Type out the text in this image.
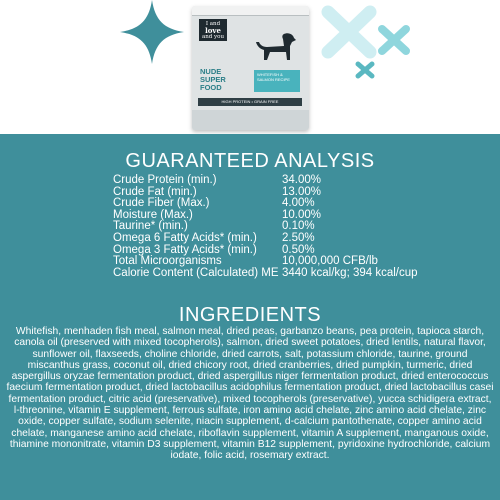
I and
love
and you
NUDE
SUPER
FOOD
WHITEFISH & SALMON RECIPE
HIGH PROTEIN • GRAIN FREE
GUARANTEED ANALYSIS
Crude Protein (min.)	34.00%
Crude Fat (min.)	13.00%
Crude Fiber (Max.)	4.00%
Moisture (Max.)	10.00%
Taurine* (min.)	0.10%
Omega 6 Fatty Acids* (min.)	2.50%
Omega 3 Fatty Acids* (min.)	0.50%
Total Microorganisms	10,000,000 CFB/lb
Calorie Content (Calculated) ME 3440 kcal/kg; 394 kcal/cup
INGREDIENTS

Whitefish, menhaden fish meal, salmon meal, dried peas, garbanzo beans, pea protein, tapioca starch, canola oil (preserved with mixed tocopherols), salmon, dried sweet potatoes, dried lentils, natural flavor, sunflower oil, flaxseeds, choline chloride, dried carrots, salt, potassium chloride, taurine, ground miscanthus grass, coconut oil, dried chicory root, dried cranberries, dried pumpkin, turmeric, dried aspergillus oryzae fermentation product, dried aspergillus niger fermentation product, dried enterococcus faecium fermentation product, dried lactobacillus acidophilus fermentation product, dried lactobacillus casei fermentation product, citric acid (preservative), mixed tocopherols (preservative), yucca schidigera extract, l-threonine, vitamin E supplement, ferrous sulfate, iron amino acid chelate, zinc amino acid chelate, zinc oxide, copper sulfate, sodium selenite, niacin supplement, d-calcium pantothenate, copper amino acid chelate, manganese amino acid chelate, riboflavin supplement, vitamin A supplement, manganous oxide, thiamine mononitrate, vitamin D3 supplement, vitamin B12 supplement, pyridoxine hydrochloride, calcium iodate, folic acid, rosemary extract.
